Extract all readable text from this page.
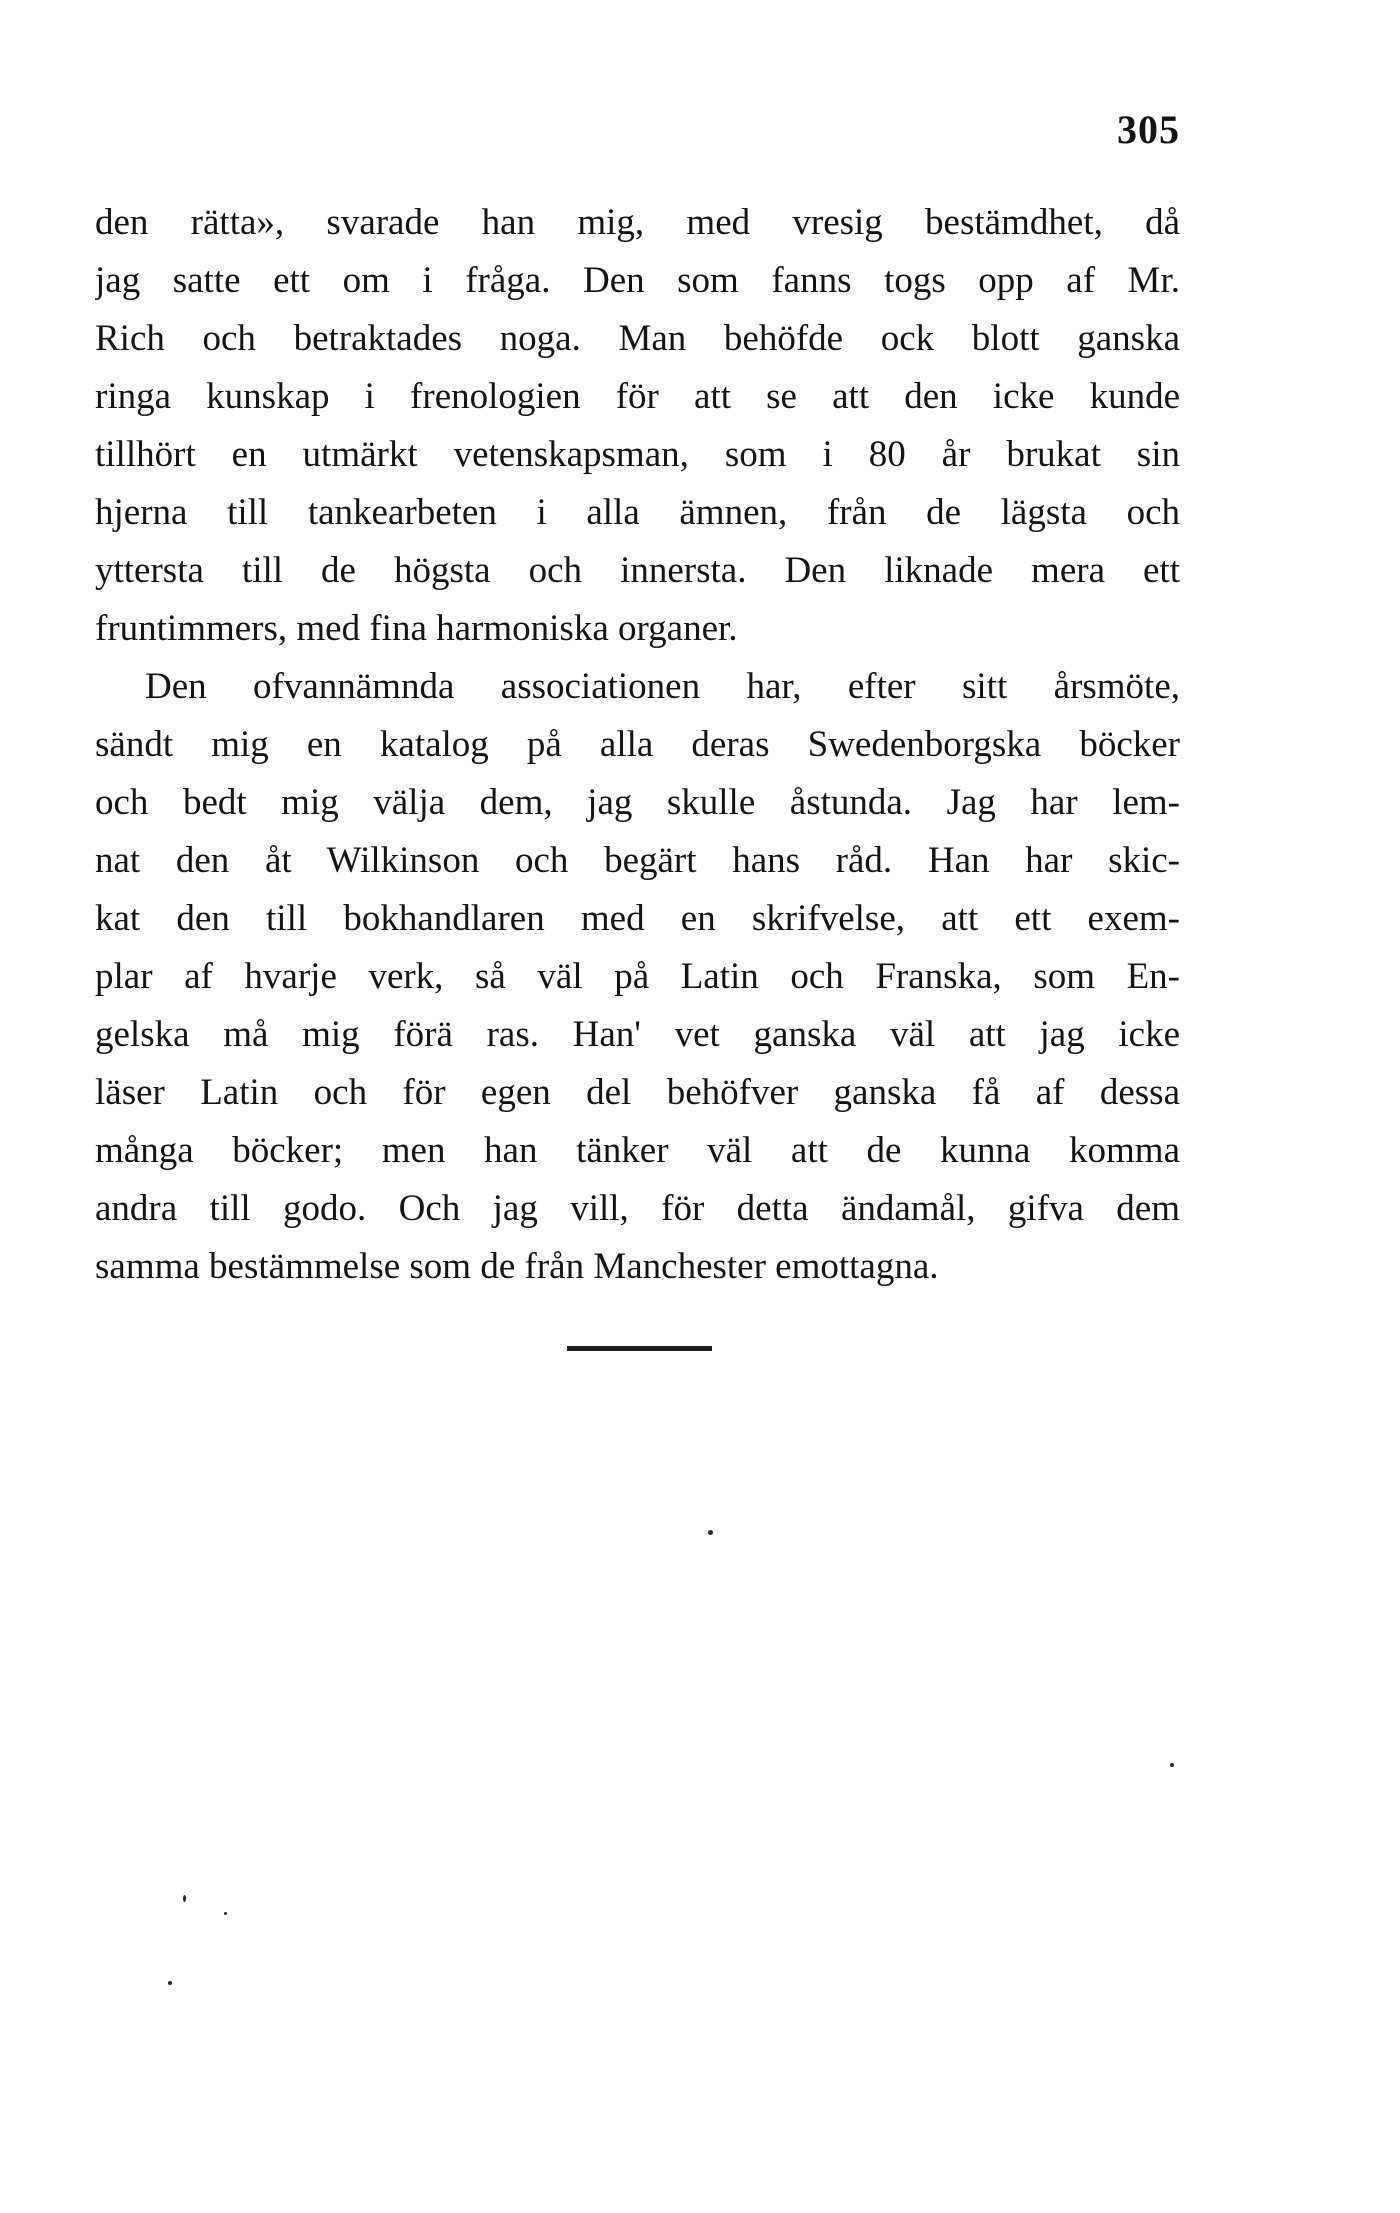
305
den rätta», svarade han mig, med vresig bestämdhet, då
jag satte ett om i fråga. Den som fanns togs opp af Mr.
Rich och betraktades noga. Man behöfde ock blott ganska
ringa kunskap i frenologien för att se att den icke kunde
tillhört en utmärkt vetenskapsman, som i 80 år brukat sin
hjerna till tankearbeten i alla ämnen, från de lägsta och
yttersta till de högsta och innersta. Den liknade mera ett
fruntimmers, med fina harmoniska organer.
Den ofvannämnda associationen har, efter sitt årsmöte,
sändt mig en katalog på alla deras Swedenborgska böcker
och bedt mig välja dem, jag skulle åstunda. Jag har lem-
nat den åt Wilkinson och begärt hans råd. Han har skic-
kat den till bokhandlaren med en skrifvelse, att ett exem-
plar af hvarje verk, så väl på Latin och Franska, som En-
gelska må mig förä ras. Han' vet ganska väl att jag icke
läser Latin och för egen del behöfver ganska få af dessa
många böcker; men han tänker väl att de kunna komma
andra till godo. Och jag vill, för detta ändamål, gifva dem
samma bestämmelse som de från Manchester emottagna.
